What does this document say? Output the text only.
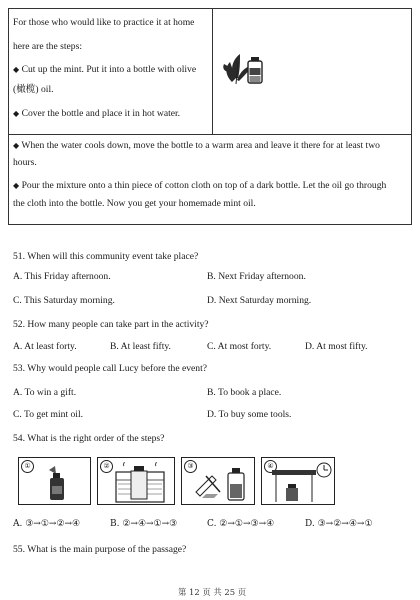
For those who would like to practice it at home
here are the steps:
◆ Cut up the mint. Put it into a bottle with olive
(橄榄) oil.
◆ Cover the bottle and place it in hot water.
◆ When the water cools down, move the bottle to a warm area and leave it there for at least two
hours.
◆ Pour the mixture onto a thin piece of cotton cloth on top of a dark bottle. Let the oil go through
the cloth into the bottle. Now you get your homemade mint oil.
51. When will this community event take place?
A. This Friday afternoon.	B. Next Friday afternoon.
C. This Saturday morning.	D. Next Saturday morning.
52. How many people can take part in the activity?
A. At least forty.	B. At least fifty.	C. At most forty.	D. At most fifty.
53. Why would people call Lucy before the event?
A. To win a gift.	B. To book a place.
C. To get mint oil.	D. To buy some tools.
54. What is the right order of the steps?
①	②	③	④
A. ③→①→②→④	B. ②→④→①→③	C. ②→①→③→④	D. ③→②→④→①
55. What is the main purpose of the passage?
第 12 页 共 25 页
